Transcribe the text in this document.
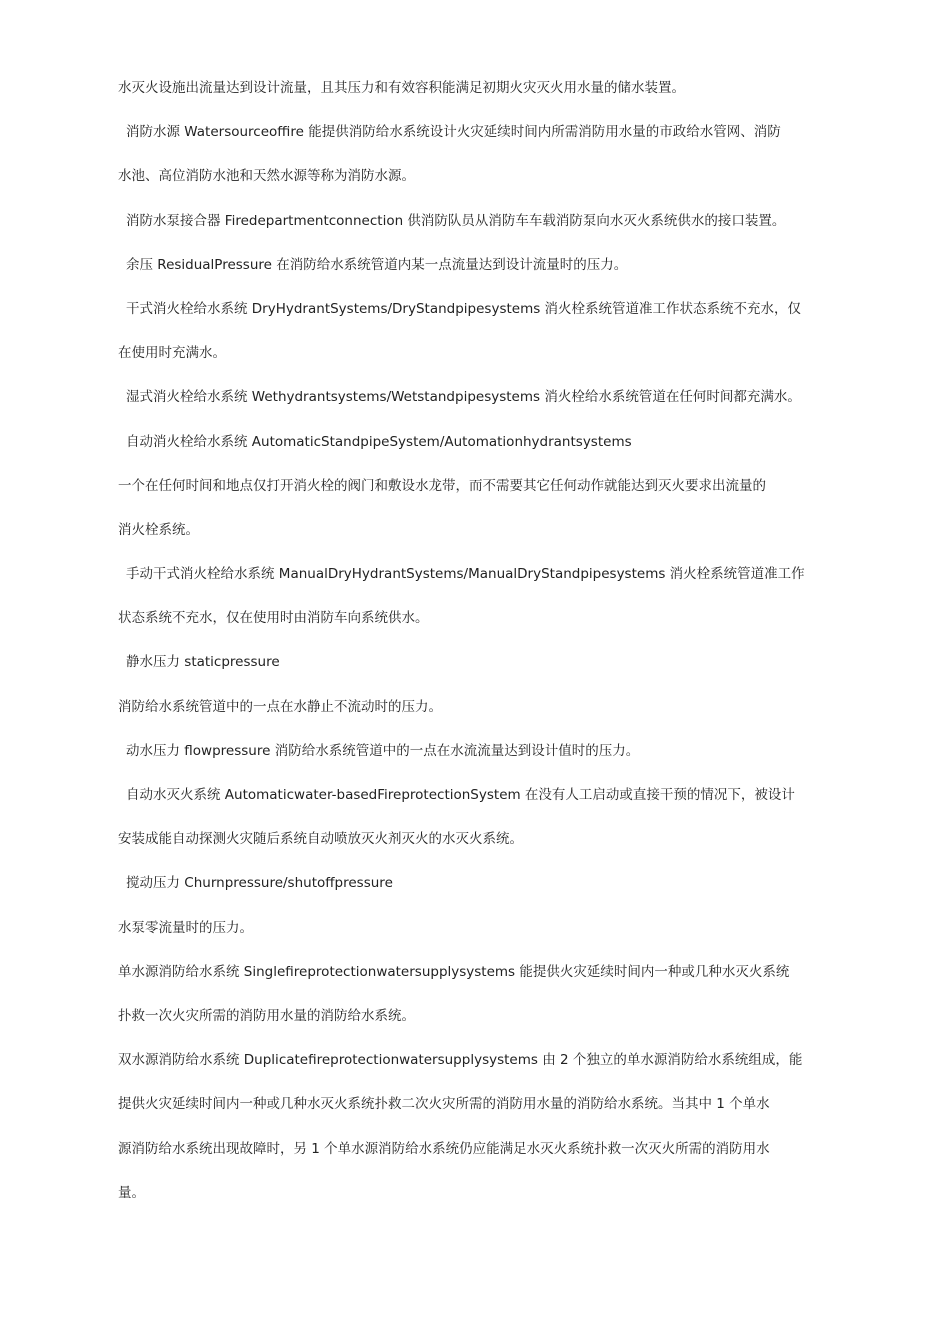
水灭火设施出流量达到设计流量，且其压力和有效容积能满足初期火灾灭火用水量的储水装置。
消防水源 Watersourceoffire 能提供消防给水系统设计火灾延续时间内所需消防用水量的市政给水管网、消防
水池、高位消防水池和天然水源等称为消防水源。
消防水泵接合器 Firedepartmentconnection 供消防队员从消防车车载消防泵向水灭火系统供水的接口装置。
余压 ResidualPressure 在消防给水系统管道内某一点流量达到设计流量时的压力。
干式消火栓给水系统 DryHydrantSystems/DryStandpipesystems 消火栓系统管道准工作状态系统不充水，仅
在使用时充满水。
湿式消火栓给水系统 Wethydrantsystems/Wetstandpipesystems 消火栓给水系统管道在任何时间都充满水。
自动消火栓给水系统 AutomaticStandpipeSystem/Automationhydrantsystems
一个在任何时间和地点仅打开消火栓的阀门和敷设水龙带，而不需要其它任何动作就能达到灭火要求出流量的
消火栓系统。
手动干式消火栓给水系统 ManualDryHydrantSystems/ManualDryStandpipesystems 消火栓系统管道准工作
状态系统不充水，仅在使用时由消防车向系统供水。
静水压力 staticpressure
消防给水系统管道中的一点在水静止不流动时的压力。
动水压力 flowpressure 消防给水系统管道中的一点在水流流量达到设计值时的压力。
自动水灭火系统 Automaticwater-basedFireprotectionSystem 在没有人工启动或直接干预的情况下，被设计
安装成能自动探测火灾随后系统自动喷放灭火剂灭火的水灭火系统。
搅动压力 Churnpressure/shutoffpressure
水泵零流量时的压力。
单水源消防给水系统 Singlefireprotectionwatersupplysystems 能提供火灾延续时间内一种或几种水灭火系统
扑救一次火灾所需的消防用水量的消防给水系统。
双水源消防给水系统 Duplicatefireprotectionwatersupplysystems 由 2 个独立的单水源消防给水系统组成，能
提供火灾延续时间内一种或几种水灭火系统扑救二次火灾所需的消防用水量的消防给水系统。当其中 1 个单水
源消防给水系统出现故障时，另 1 个单水源消防给水系统仍应能满足水灭火系统扑救一次灭火所需的消防用水
量。
